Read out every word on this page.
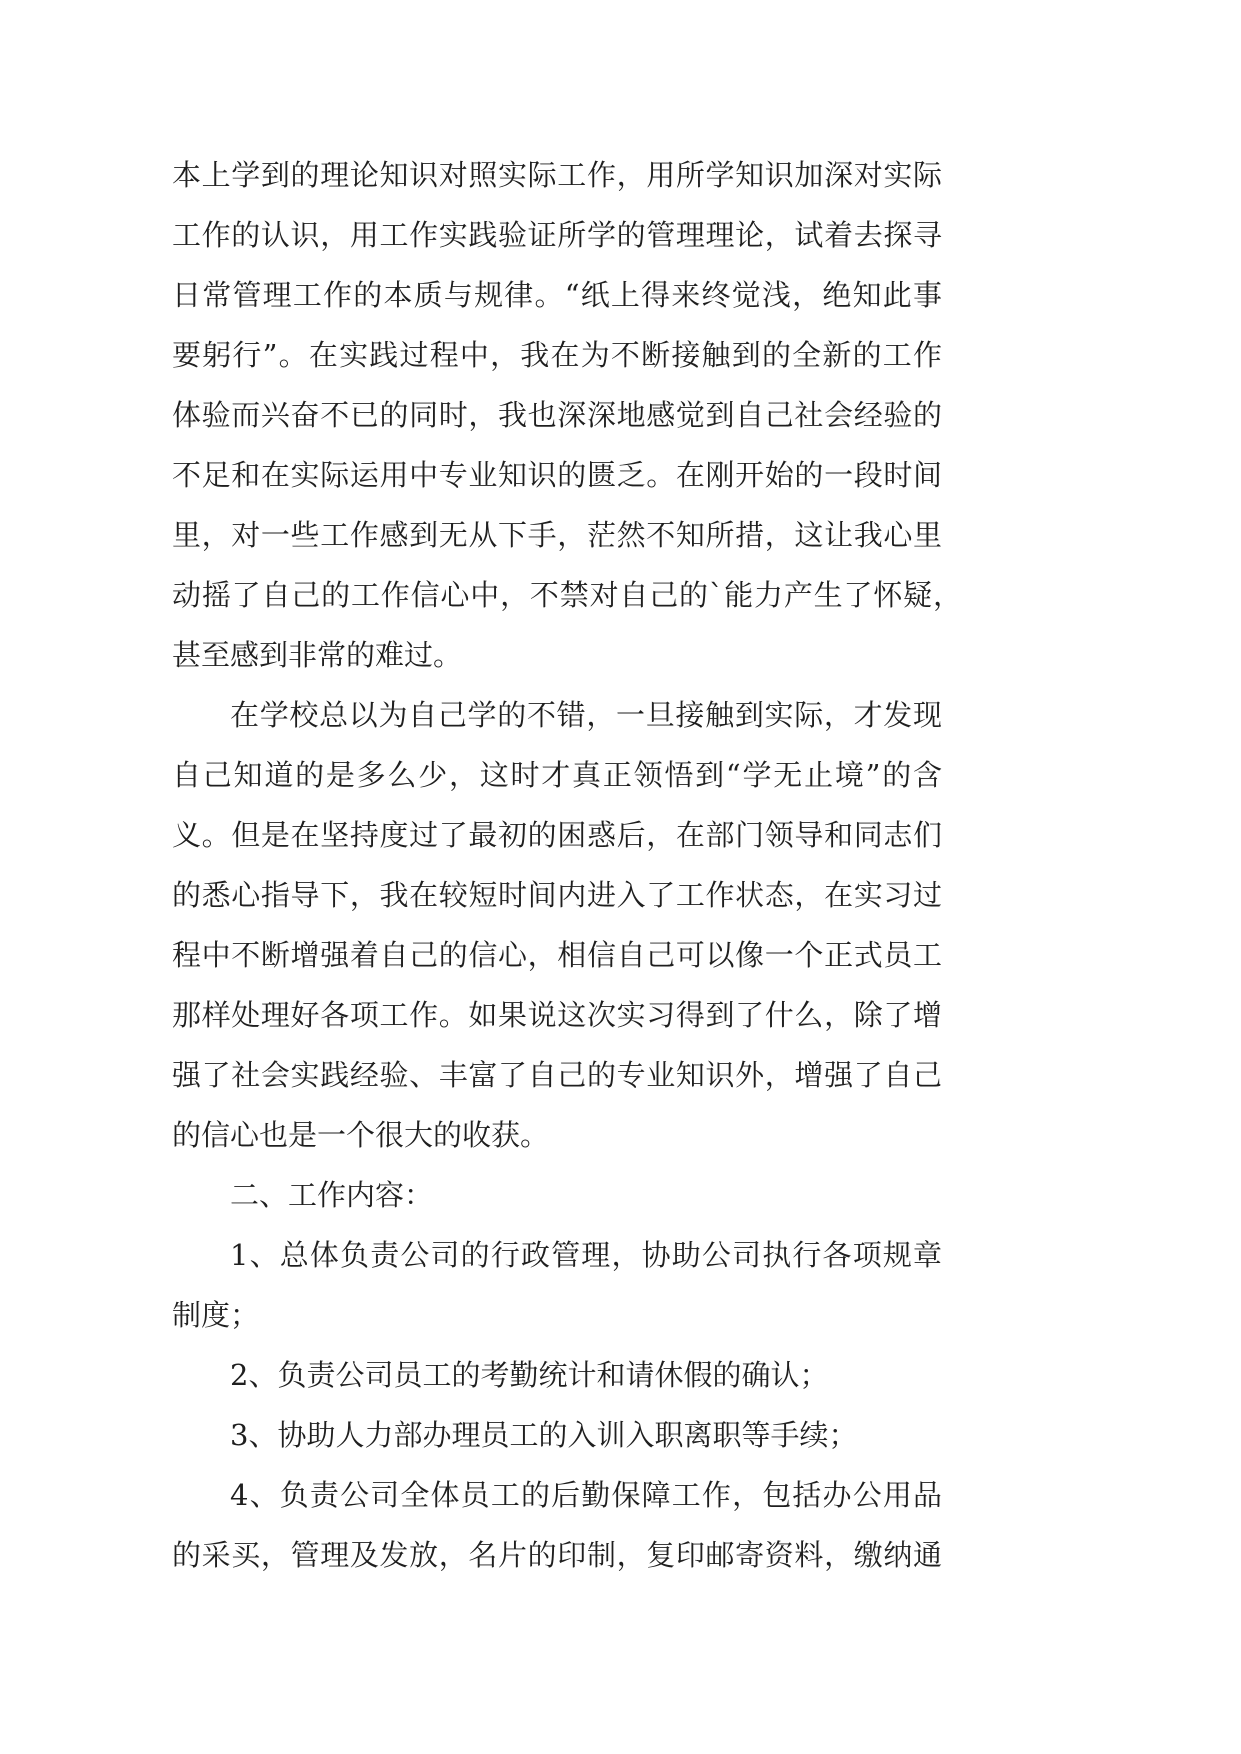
本上学到的理论知识对照实际工作，用所学知识加深对实际
工作的认识，用工作实践验证所学的管理理论，试着去探寻
日常管理工作的本质与规律。“纸上得来终觉浅，绝知此事
要躬行”。在实践过程中，我在为不断接触到的全新的工作
体验而兴奋不已的同时，我也深深地感觉到自己社会经验的
不足和在实际运用中专业知识的匮乏。在刚开始的一段时间
里，对一些工作感到无从下手，茫然不知所措，这让我心里
动摇了自己的工作信心中，不禁对自己的`能力产生了怀疑，
甚至感到非常的难过。
在学校总以为自己学的不错，一旦接触到实际，才发现
自己知道的是多么少，这时才真正领悟到“学无止境”的含
义。但是在坚持度过了最初的困惑后，在部门领导和同志们
的悉心指导下，我在较短时间内进入了工作状态，在实习过
程中不断增强着自己的信心，相信自己可以像一个正式员工
那样处理好各项工作。如果说这次实习得到了什么，除了增
强了社会实践经验、丰富了自己的专业知识外，增强了自己
的信心也是一个很大的收获。
二、工作内容：
1、总体负责公司的行政管理，协助公司执行各项规章
制度；
2、负责公司员工的考勤统计和请休假的确认；
3、协助人力部办理员工的入训入职离职等手续；
4、负责公司全体员工的后勤保障工作，包括办公用品
的采买，管理及发放，名片的印制，复印邮寄资料，缴纳通
